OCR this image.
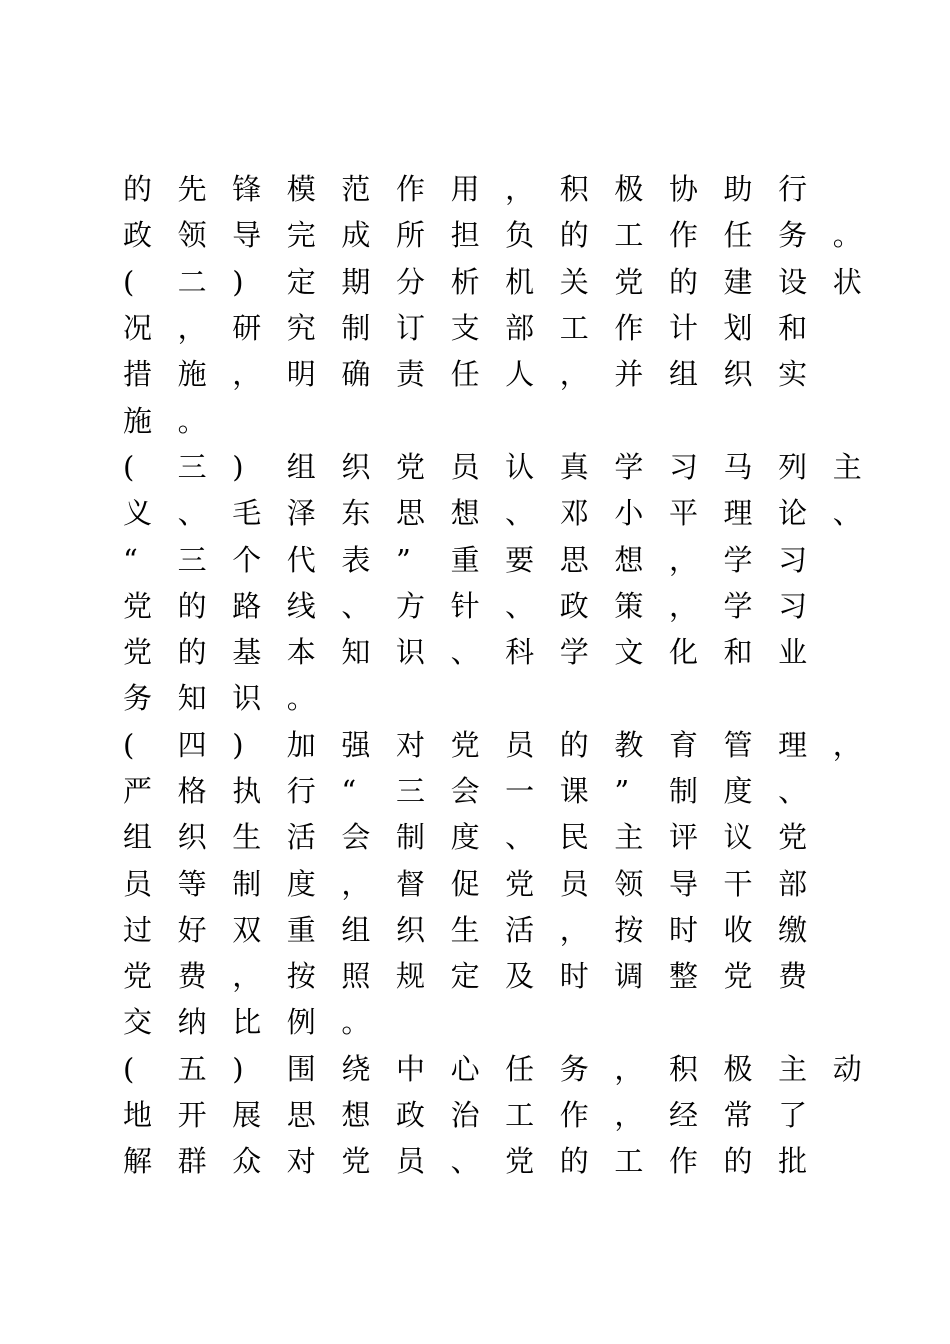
的 先 锋 模 范 作 用 ， 积 极 协 助 行
政 领 导 完 成 所 担 负 的 工 作 任 务 。
(	二 )	定 期 分 析 机 关 党 的 建 设 状
况 ， 研 究 制 订 支 部 工 作 计 划 和
措 施 ， 明 确 责 任 人 ， 并 组 织 实
施 。
(	三 )	组 织 党 员 认 真 学 习 马 列 主
义 、 毛 泽 东 思 想 、 邓 小 平 理 论 、
“	三 个 代 表 ”	重 要 思 想 ， 学 习
党 的 路 线 、 方 针 、 政 策 ， 学 习
党 的 基 本 知 识 、 科 学 文 化 和 业
务 知 识 。
(	四 )	加 强 对 党 员 的 教 育 管 理 ，
严 格 执 行 “	三 会 一 课 ”	制 度 、
组 织 生 活 会 制 度 、 民 主 评 议 党
员 等 制 度 ， 督 促 党 员 领 导 干 部
过 好 双 重 组 织 生 活 ， 按 时 收 缴
党 费 ， 按 照 规 定 及 时 调 整 党 费
交 纳 比 例 。
(	五 )	围 绕 中 心 任 务 ， 积 极 主 动
地 开 展 思 想 政 治 工 作 ， 经 常 了
解 群 众 对 党 员 、 党 的 工 作 的 批
